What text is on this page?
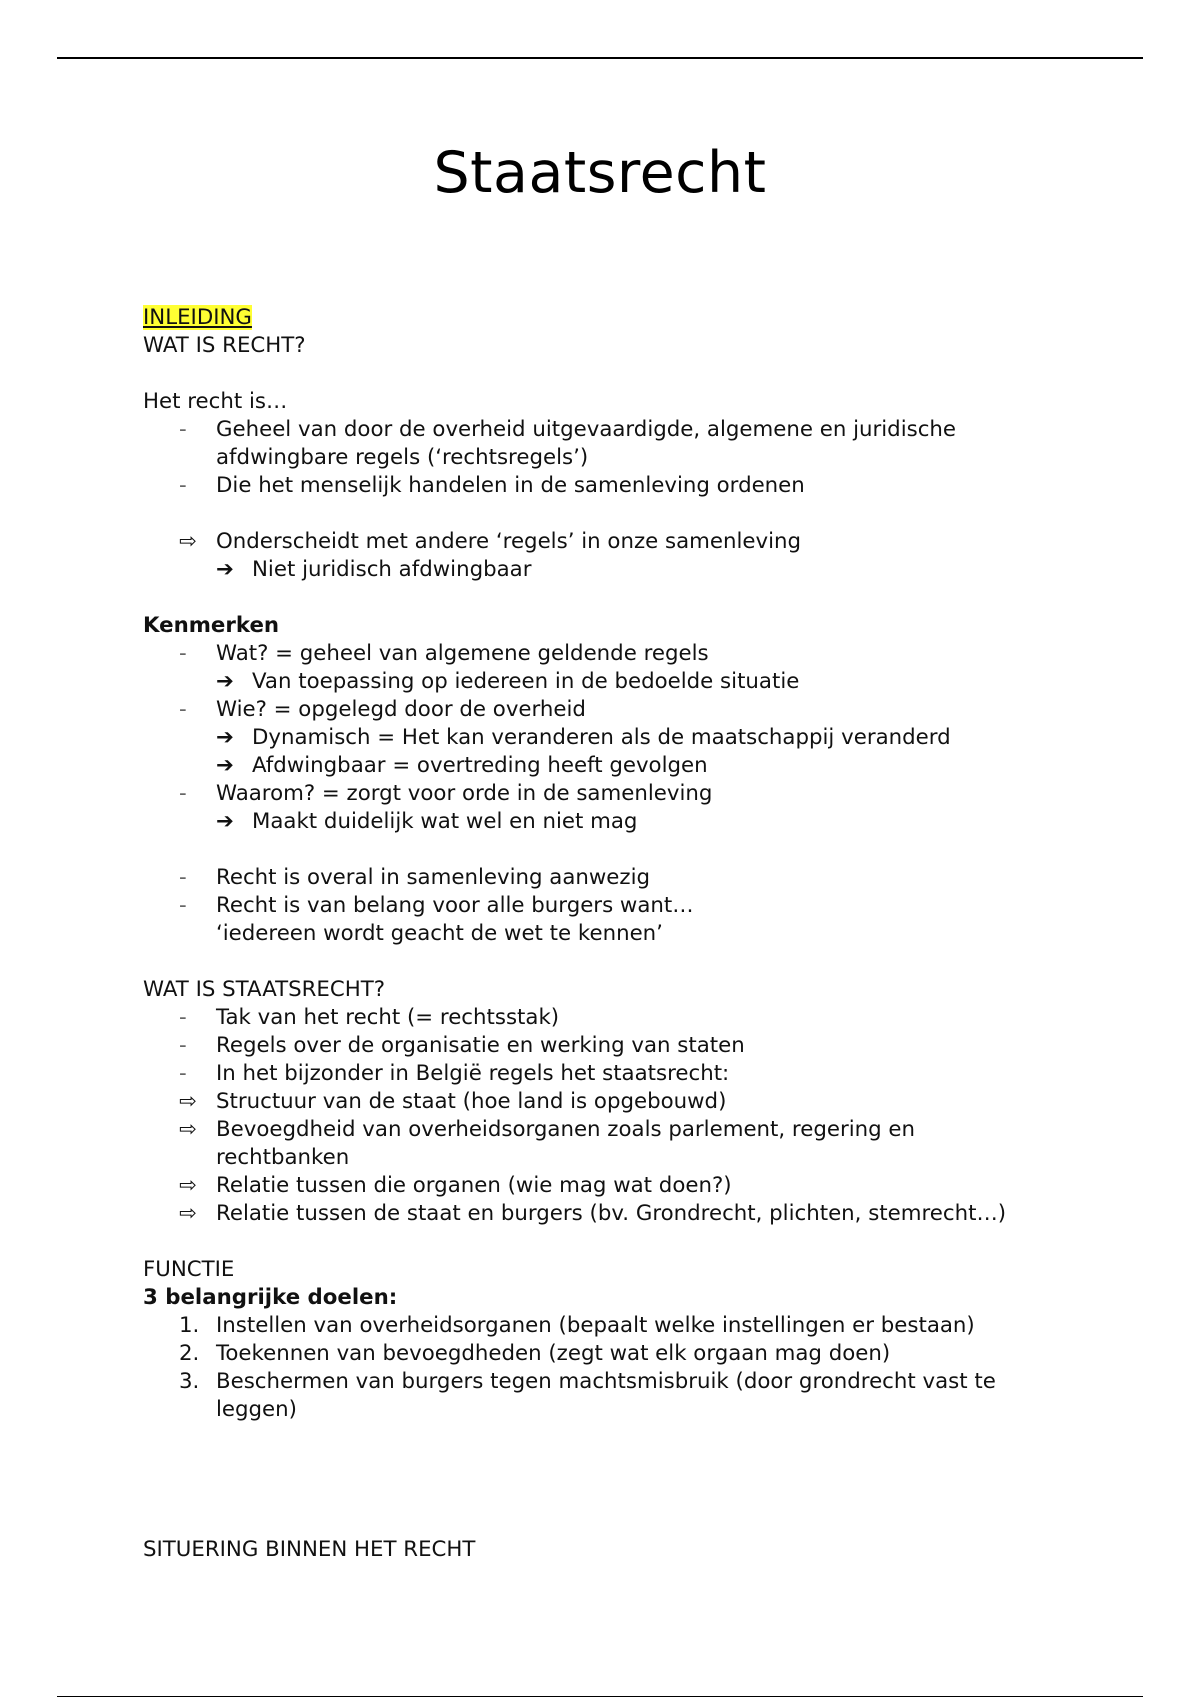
Staatsrecht
INLEIDING
WAT IS RECHT?
Het recht is…
-	Geheel van door de overheid uitgevaardigde, algemene en juridische
afdwingbare regels (‘rechtsregels’)
-	Die het menselijk handelen in de samenleving ordenen
⇨ Onderscheidt met andere ‘regels’ in onze samenleving
➔ Niet juridisch afdwingbaar
Kenmerken
-	Wat? = geheel van algemene geldende regels
➔ Van toepassing op iedereen in de bedoelde situatie
-	Wie? = opgelegd door de overheid
➔ Dynamisch = Het kan veranderen als de maatschappij veranderd
➔ Afdwingbaar = overtreding heeft gevolgen
-	Waarom? = zorgt voor orde in de samenleving
➔ Maakt duidelijk wat wel en niet mag
-	Recht is overal in samenleving aanwezig
-	Recht is van belang voor alle burgers want…
‘iedereen wordt geacht de wet te kennen’
WAT IS STAATSRECHT?
-	Tak van het recht (= rechtsstak)
-	Regels over de organisatie en werking van staten
-	In het bijzonder in België regels het staatsrecht:
⇨ Structuur van de staat (hoe land is opgebouwd)
⇨ Bevoegdheid van overheidsorganen zoals parlement, regering en
rechtbanken
⇨ Relatie tussen die organen (wie mag wat doen?)
⇨ Relatie tussen de staat en burgers (bv. Grondrecht, plichten, stemrecht…)
FUNCTIE
3 belangrijke doelen:
1. Instellen van overheidsorganen (bepaalt welke instellingen er bestaan)
2. Toekennen van bevoegdheden (zegt wat elk orgaan mag doen)
3. Beschermen van burgers tegen machtsmisbruik (door grondrecht vast te
leggen)
SITUERING BINNEN HET RECHT
